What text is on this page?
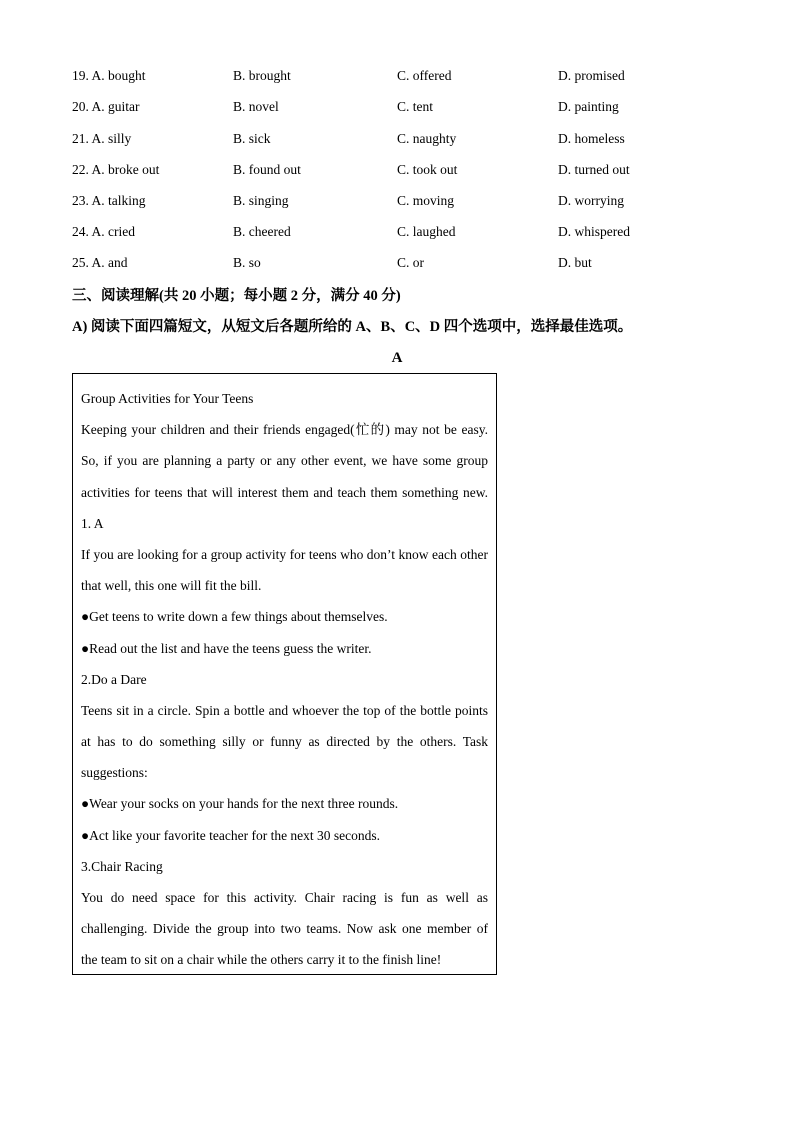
19. A. bought	B. brought	C. offered	D. promised
20. A. guitar	B. novel	C. tent	D. painting
21. A. silly	B. sick	C. naughty	D. homeless
22. A. broke out	B. found out	C. took out	D. turned out
23. A. talking	B. singing	C. moving	D. worrying
24. A. cried	B. cheered	C. laughed	D. whispered
25. A. and	B. so	C. or	D. but
三、阅读理解(共 20 小题；每小题 2 分，满分 40 分)
A) 阅读下面四篇短文，从短文后各题所给的 A、B、C、D 四个选项中，选择最佳选项。
A
Group Activities for Your Teens
Keeping your children and their friends engaged(忙的) may not be easy.
So, if you are planning a party or any other event, we have some group
activities for teens that will interest them and teach them something new.
1. A
If you are looking for a group activity for teens who don’t know each other
that well, this one will fit the bill.
●Get teens to write down a few things about themselves.
●Read out the list and have the teens guess the writer.
2.Do a Dare
Teens sit in a circle. Spin a bottle and whoever the top of the bottle points
at has to do something silly or funny as directed by the others. Task
suggestions:
●Wear your socks on your hands for the next three rounds.
●Act like your favorite teacher for the next 30 seconds.
3.Chair Racing
You do need space for this activity. Chair racing is fun as well as
challenging. Divide the group into two teams. Now ask one member of
the team to sit on a chair while the others carry it to the finish line!
